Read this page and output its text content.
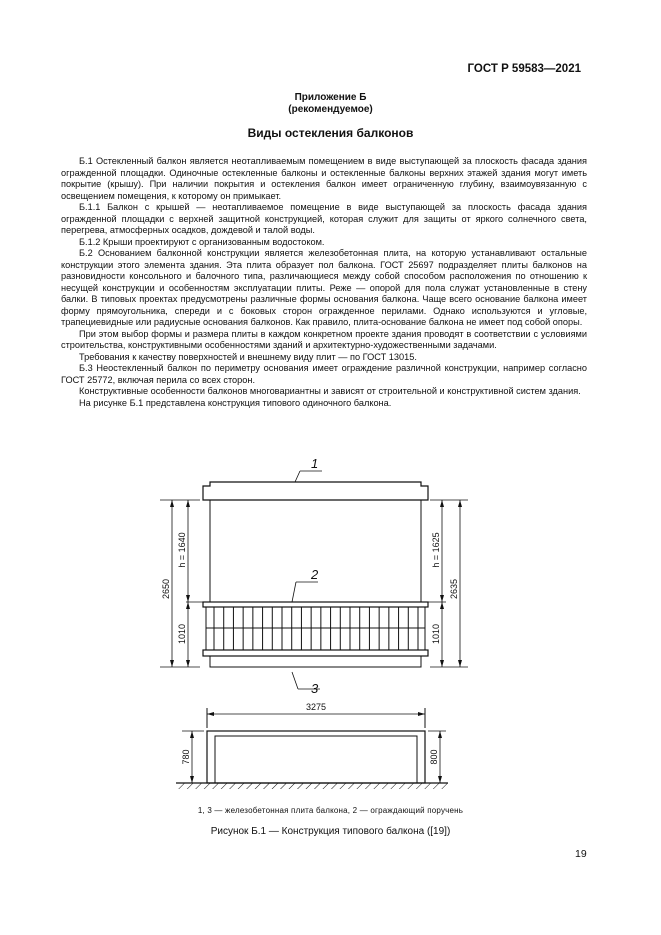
ГОСТ Р 59583—2021
Приложение Б
(рекомендуемое)
Виды остекления балконов

Б.1 Остекленный балкон является неотапливаемым помещением в виде выступающей за плоскость фасада здания огражденной площадки. Одиночные остекленные балконы и остекленные балконы верхних этажей здания могут иметь покрытие (крышу). При наличии покрытия и остекления балкон имеет ограниченную глубину, взаимоувязанную с освещением помещения, к которому он примыкает.

Б.1.1 Балкон с крышей — неотапливаемое помещение в виде выступающей за плоскость фасада здания огражденной площадки с верхней защитной конструкцией, которая служит для защиты от яркого солнечного света, перегрева, атмосферных осадков, дождевой и талой воды.

Б.1.2 Крыши проектируют с организованным водостоком.

Б.2 Основанием балконной конструкции является железобетонная плита, на которую устанавливают остальные конструкции этого элемента здания. Эта плита образует пол балкона. ГОСТ 25697 подразделяет плиты балконов на разновидности консольного и балочного типа, различающиеся между собой способом расположения по отношению к несущей конструкции и особенностям эксплуатации плиты. Реже — опорой для пола служат установленные в стену балки. В типовых проектах предусмотрены различные формы основания балкона. Чаще всего основание балкона имеет форму прямоугольника, спереди и с боковых сторон огражденное перилами. Однако используются и угловые, трапециевидные или радиусные основания балконов. Как правило, плита-основание балкона не имеет под собой опоры.

При этом выбор формы и размера плиты в каждом конкретном проекте здания проводят в соответствии с условиями строительства, конструктивными особенностями зданий и архитектурно-художественными задачами.

Требования к качеству поверхностей и внешнему виду плит — по ГОСТ 13015.

Б.3 Неостекленный балкон по периметру основания имеет ограждение различной конструкции, например согласно ГОСТ 25772, включая перила со всех сторон.

Конструктивные особенности балконов многовариантны и зависят от строительной и конструктивной систем здания.

На рисунке Б.1 представлена конструкция типового одиночного балкона.

2650
h = 1640
1010
h = 1625
1010
2635
1
2
3
3275
780	800
1, 3 — железобетонная плита балкона, 2 — ограждающий поручень
Рисунок Б.1 — Конструкция типового балкона ([19])
19
